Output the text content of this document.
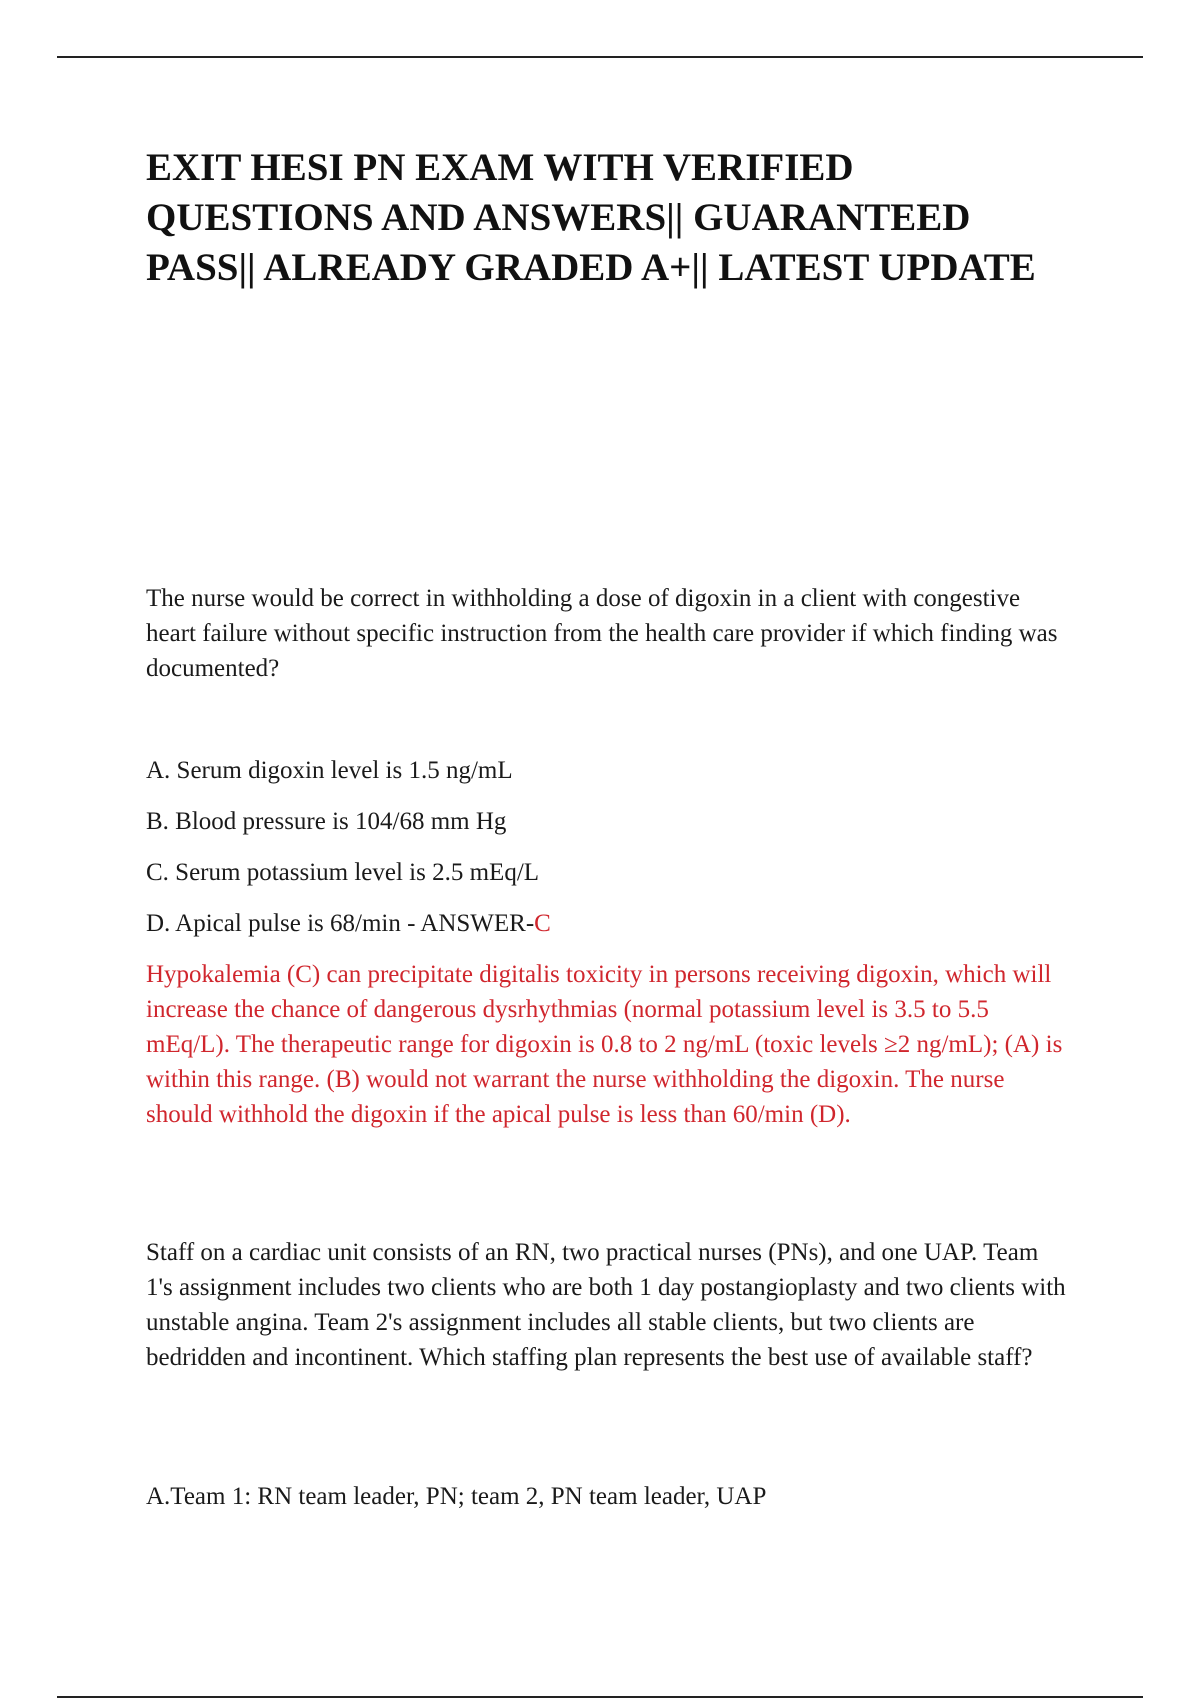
EXIT HESI PN EXAM WITH VERIFIED QUESTIONS AND ANSWERS|| GUARANTEED PASS|| ALREADY GRADED A+|| LATEST UPDATE

The nurse would be correct in withholding a dose of digoxin in a client with congestive heart failure without specific instruction from the health care provider if which finding was documented?

A. Serum digoxin level is 1.5 ng/mL
B. Blood pressure is 104/68 mm Hg
C. Serum potassium level is 2.5 mEq/L
D. Apical pulse is 68/min - ANSWER-C

Hypokalemia (C) can precipitate digitalis toxicity in persons receiving digoxin, which will increase the chance of dangerous dysrhythmias (normal potassium level is 3.5 to 5.5 mEq/L). The therapeutic range for digoxin is 0.8 to 2 ng/mL (toxic levels ≥2 ng/mL); (A) is within this range. (B) would not warrant the nurse withholding the digoxin. The nurse should withhold the digoxin if the apical pulse is less than 60/min (D).

Staff on a cardiac unit consists of an RN, two practical nurses (PNs), and one UAP. Team 1's assignment includes two clients who are both 1 day postangioplasty and two clients with unstable angina. Team 2's assignment includes all stable clients, but two clients are bedridden and incontinent. Which staffing plan represents the best use of available staff?

A.Team 1: RN team leader, PN; team 2, PN team leader, UAP
